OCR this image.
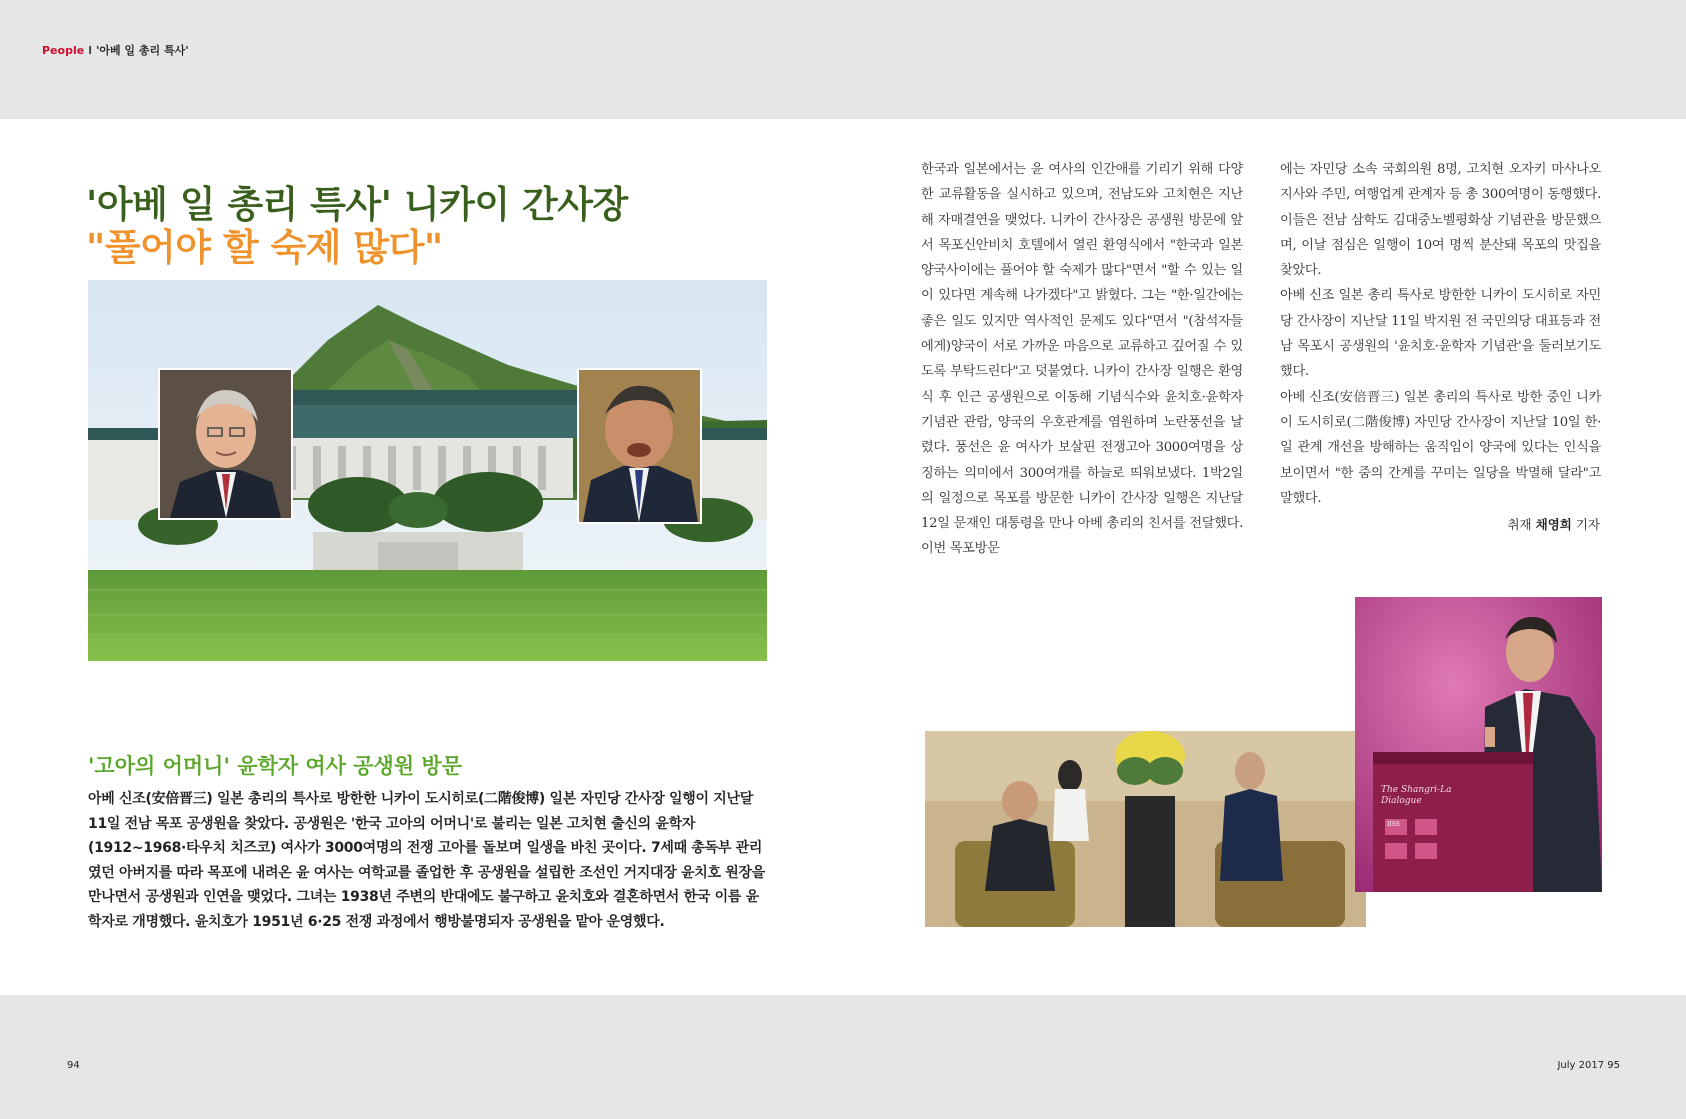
People l '아베 일 총리 특사'
'아베 일 총리 특사' 니카이 간사장
"풀어야 할 숙제 많다"
The Shangri-La
Dialogue
IISS
'고아의 어머니' 윤학자 여사 공생원 방문
아베 신조(安倍晋三) 일본 총리의 특사로 방한한 니카이 도시히로(二階俊博) 일본 자민당 간사장 일행이 지난달 11일 전남 목포 공생원을 찾았다. 공생원은 '한국 고아의 어머니'로 불리는 일본 고치현 출신의 윤학자(1912~1968·타우치 치즈코) 여사가 3000여명의 전쟁 고아를 돌보며 일생을 바친 곳이다. 7세때 총독부 관리였던 아버지를 따라 목포에 내려온 윤 여사는 여학교를 졸업한 후 공생원을 설립한 조선인 거지대장 윤치호 원장을 만나면서 공생원과 인연을 맺었다. 그녀는 1938년 주변의 반대에도 불구하고 윤치호와 결혼하면서 한국 이름 윤학자로 개명했다. 윤치호가 1951년 6·25 전쟁 과정에서 행방불명되자 공생원을 맡아 운영했다.

한국과 일본에서는 윤 여사의 인간애를 기리기 위해 다양한 교류활동을 실시하고 있으며, 전남도와 고치현은 지난해 자매결연을 맺었다. 니카이 간사장은 공생원 방문에 앞서 목포신안비치 호텔에서 열린 환영식에서 "한국과 일본 양국사이에는 풀어야 할 숙제가 많다"면서 "할 수 있는 일이 있다면 계속해 나가겠다"고 밝혔다. 그는 "한·일간에는 좋은 일도 있지만 역사적인 문제도 있다"면서 "(참석자들에게)양국이 서로 가까운 마음으로 교류하고 깊어질 수 있도록 부탁드린다"고 덧붙였다. 니카이 간사장 일행은 환영식 후 인근 공생원으로 이동해 기념식수와 윤치호·윤학자 기념관 관람, 양국의 우호관계를 염원하며 노란풍선을 날렸다. 풍선은 윤 여사가 보살핀 전쟁고아 3000여명을 상징하는 의미에서 300여개를 하늘로 띄워보냈다. 1박2일의 일정으로 목포를 방문한 니카이 간사장 일행은 지난달 12일 문재인 대통령을 만나 아베 총리의 친서를 전달했다. 이번 목포방문

에는 자민당 소속 국회의원 8명, 고치현 오자키 마사나오 지사와 주민, 여행업계 관계자 등 총 300여명이 동행했다. 이들은 전남 삼학도 김대중노벨평화상 기념관을 방문했으며, 이날 점심은 일행이 10여 명씩 분산돼 목포의 맛집을 찾았다.

아베 신조 일본 총리 특사로 방한한 니카이 도시히로 자민당 간사장이 지난달 11일 박지원 전 국민의당 대표등과 전남 목포시 공생원의 '윤치호·윤학자 기념관'을 둘러보기도 했다.

아베 신조(安倍晋三) 일본 총리의 특사로 방한 중인 니카이 도시히로(二階俊博) 자민당 간사장이 지난달 10일 한·일 관계 개선을 방해하는 움직임이 양국에 있다는 인식을 보이면서 "한 줌의 간계를 꾸미는 일당을 박멸해 달라"고 말했다.

취재 채영희 기자
94	July 2017 95
